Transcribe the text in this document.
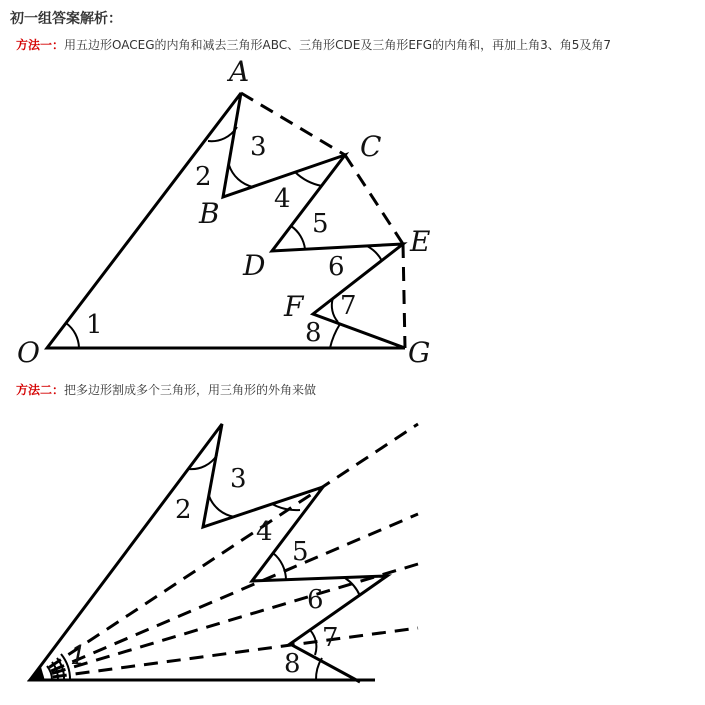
初一组答案解析：
方法一：用五边形OACEG的内角和减去三角形ABC、三角形CDE及三角形EFG的内角和，再加上角3、角5及角7
A
B
C
D
E
F
G
O
1
2
3
4
5
6
7
8
方法二：把多边形割成多个三角形，用三角形的外角来做
1
2
3
4
5
6
7
8
